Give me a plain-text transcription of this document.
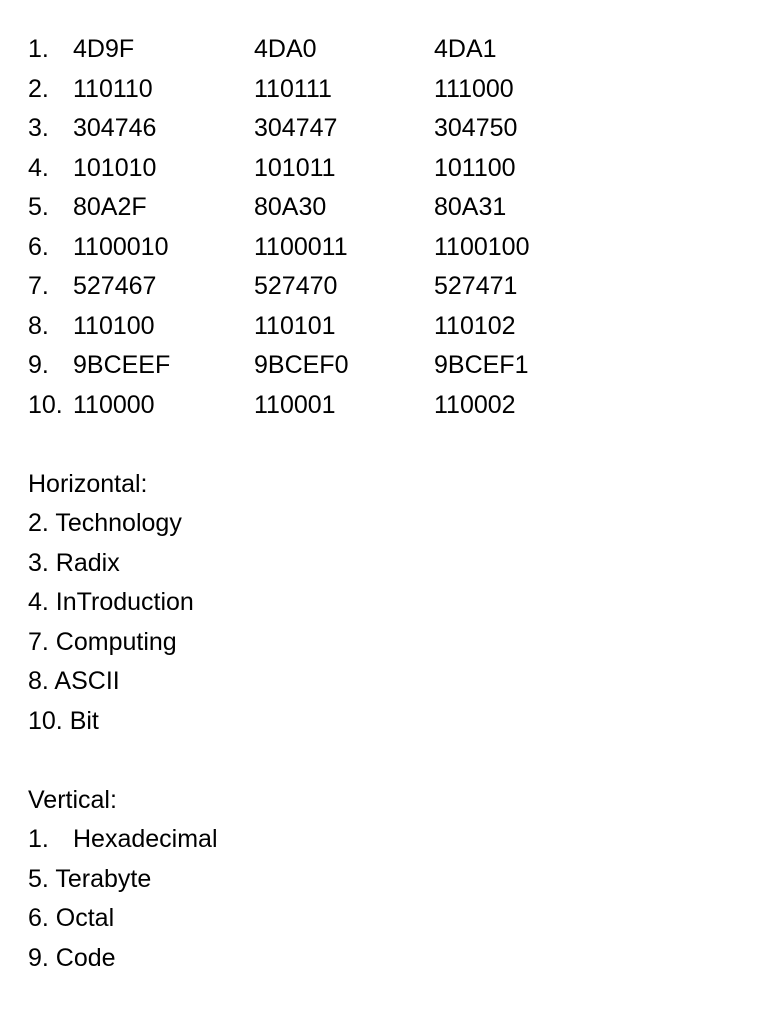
1. 4D9F	4DA0	4DA1
2. 110110	110111	111000
3. 304746	304747	304750
4. 101010	101011	101100
5. 80A2F	80A30	80A31
6. 1100010	1100011	1100100
7. 527467	527470	527471
8. 110100	110101	110102
9. 9BCEEF	9BCEF0	9BCEF1
10. 110000	110001	110002
Horizontal:
2. Technology
3. Radix
4. InTroduction
7. Computing
8. ASCII
10. Bit
Vertical:
1. Hexadecimal
5. Terabyte
6. Octal
9. Code
